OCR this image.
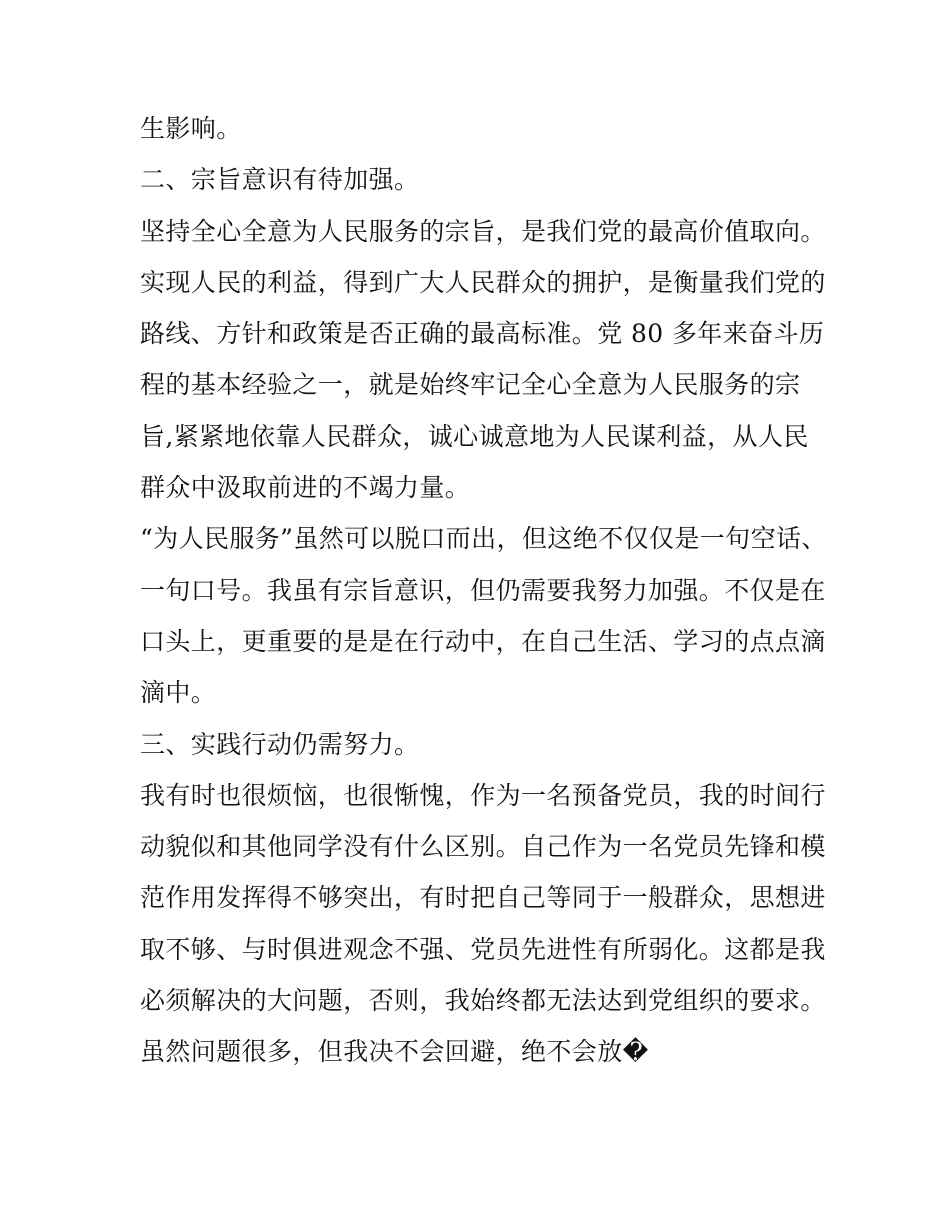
生影响。
二、宗旨意识有待加强。
坚持全心全意为人民服务的宗旨，是我们党的最高价值取向。
实现人民的利益，得到广大人民群众的拥护，是衡量我们党的
路线、方针和政策是否正确的最高标准。党 80 多年来奋斗历
程的基本经验之一，就是始终牢记全心全意为人民服务的宗
旨,紧紧地依靠人民群众，诚心诚意地为人民谋利益，从人民
群众中汲取前进的不竭力量。
“为人民服务”虽然可以脱口而出，但这绝不仅仅是一句空话、
一句口号。我虽有宗旨意识，但仍需要我努力加强。不仅是在
口头上，更重要的是是在行动中，在自己生活、学习的点点滴
滴中。
三、实践行动仍需努力。
我有时也很烦恼，也很惭愧，作为一名预备党员，我的时间行
动貌似和其他同学没有什么区别。自己作为一名党员先锋和模
范作用发挥得不够突出，有时把自己等同于一般群众，思想进
取不够、与时俱进观念不强、党员先进性有所弱化。这都是我
必须解决的大问题，否则，我始终都无法达到党组织的要求。
虽然问题很多，但我决不会回避，绝不会放�
